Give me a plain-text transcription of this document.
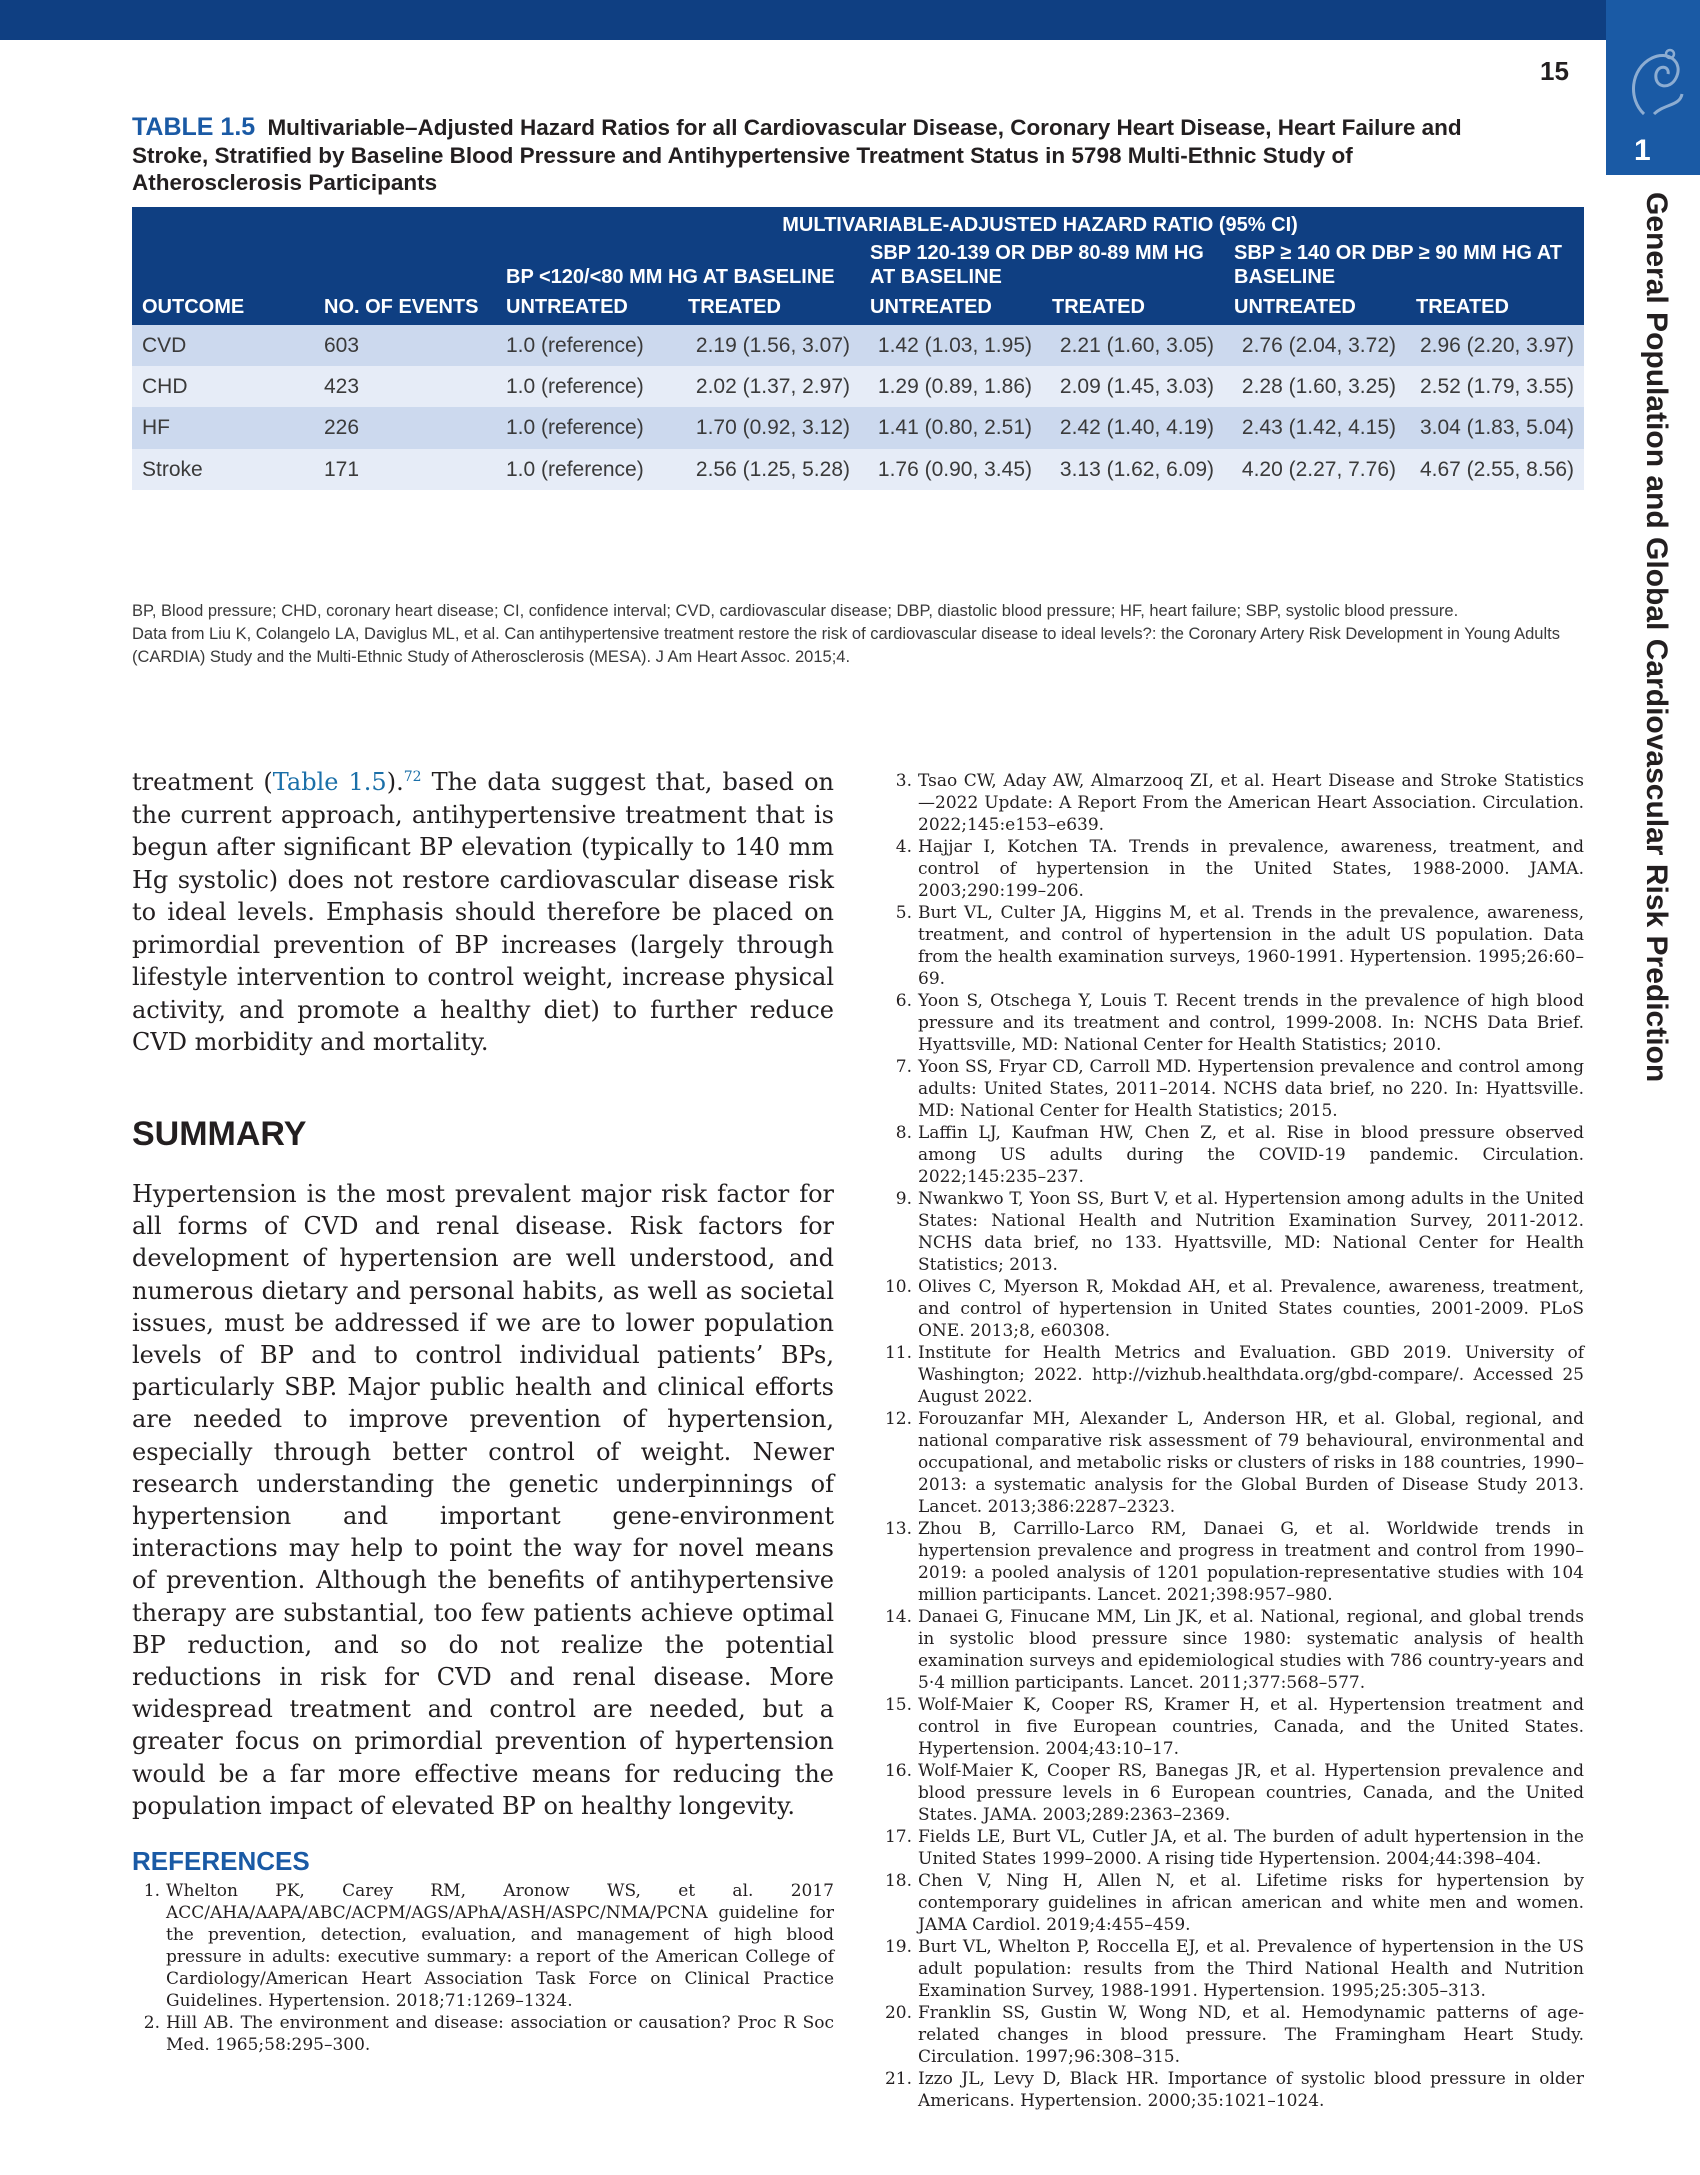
1
15
General Population and Global Cardiovascular Risk Prediction
TABLE 1.5 Multivariable–Adjusted Hazard Ratios for all Cardiovascular Disease, Coronary Heart Disease, Heart Failure and Stroke, Stratified by Baseline Blood Pressure and Antihypertensive Treatment Status in 5798 Multi-Ethnic Study of Atherosclerosis Participants
		MULTIVARIABLE-ADJUSTED HAZARD RATIO (95% CI)					
		BP <120/<80 MM HG AT BASELINE		SBP 120-139 OR DBP 80-89 MM HG AT BASELINE		SBP ≥ 140 OR DBP ≥ 90 MM HG AT BASELINE	
OUTCOME	NO. OF EVENTS	UNTREATED	TREATED	UNTREATED	TREATED	UNTREATED	TREATED
CVD	603	1.0 (reference)	2.19 (1.56, 3.07)	1.42 (1.03, 1.95)	2.21 (1.60, 3.05)	2.76 (2.04, 3.72)	2.96 (2.20, 3.97)
CHD	423	1.0 (reference)	2.02 (1.37, 2.97)	1.29 (0.89, 1.86)	2.09 (1.45, 3.03)	2.28 (1.60, 3.25)	2.52 (1.79, 3.55)
HF	226	1.0 (reference)	1.70 (0.92, 3.12)	1.41 (0.80, 2.51)	2.42 (1.40, 4.19)	2.43 (1.42, 4.15)	3.04 (1.83, 5.04)
Stroke	171	1.0 (reference)	2.56 (1.25, 5.28)	1.76 (0.90, 3.45)	3.13 (1.62, 6.09)	4.20 (2.27, 7.76)	4.67 (2.55, 8.56)

BP, Blood pressure; CHD, coronary heart disease; CI, confidence interval; CVD, cardiovascular disease; DBP, diastolic blood pressure; HF, heart failure; SBP, systolic blood pressure.

Data from Liu K, Colangelo LA, Daviglus ML, et al. Can antihypertensive treatment restore the risk of cardiovascular disease to ideal levels?: the Coronary Artery Risk Development in Young Adults (CARDIA) Study and the Multi-Ethnic Study of Atherosclerosis (MESA). J Am Heart Assoc. 2015;4.

treatment (Table 1.5).$^{72}$ The data suggest that, based on the current approach, antihypertensive treatment that is begun after significant BP elevation (typically to 140 mm Hg systolic) does not restore cardiovascular disease risk to ideal levels. Emphasis should therefore be placed on primordial prevention of BP increases (largely through lifestyle intervention to control weight, increase physical activity, and promote a healthy diet) to further reduce CVD morbidity and mortality.

SUMMARY

Hypertension is the most prevalent major risk factor for all forms of CVD and renal disease. Risk factors for development of hypertension are well understood, and numerous dietary and personal habits, as well as societal issues, must be addressed if we are to lower population levels of BP and to control individual patients’ BPs, particularly SBP. Major public health and clinical efforts are needed to improve prevention of hypertension, especially through better control of weight. Newer research understanding the genetic underpinnings of hypertension and important gene-environment interactions may help to point the way for novel means of prevention. Although the benefits of antihypertensive therapy are substantial, too few patients achieve optimal BP reduction, and so do not realize the potential reductions in risk for CVD and renal disease. More widespread treatment and control are needed, but a greater focus on primordial prevention of hypertension would be a far more effective means for reducing the population impact of elevated BP on healthy longevity.

REFERENCES
1. Whelton PK, Carey RM, Aronow WS, et al. 2017 ACC/AHA/AAPA/ABC/ACPM/AGS/APhA/ASH/ASPC/NMA/PCNA guideline for the prevention, detection, evaluation, and management of high blood pressure in adults: executive summary: a report of the American College of Cardiology/American Heart Association Task Force on Clinical Practice Guidelines. Hypertension. 2018;71:1269–1324.
2. Hill AB. The environment and disease: association or causation? Proc R Soc Med. 1965;58:295–300.
3. Tsao CW, Aday AW, Almarzooq ZI, et al. Heart Disease and Stroke Statistics—2022 Update: A Report From the American Heart Association. Circulation. 2022;145:e153–e639.
4. Hajjar I, Kotchen TA. Trends in prevalence, awareness, treatment, and control of hypertension in the United States, 1988-2000. JAMA. 2003;290:199–206.
5. Burt VL, Culter JA, Higgins M, et al. Trends in the prevalence, awareness, treatment, and control of hypertension in the adult US population. Data from the health examination surveys, 1960-1991. Hypertension. 1995;26:60–69.
6. Yoon S, Otschega Y, Louis T. Recent trends in the prevalence of high blood pressure and its treatment and control, 1999-2008. In: NCHS Data Brief. Hyattsville, MD: National Center for Health Statistics; 2010.
7. Yoon SS, Fryar CD, Carroll MD. Hypertension prevalence and control among adults: United States, 2011–2014. NCHS data brief, no 220. In: Hyattsville. MD: National Center for Health Statistics; 2015.
8. Laffin LJ, Kaufman HW, Chen Z, et al. Rise in blood pressure observed among US adults during the COVID-19 pandemic. Circulation. 2022;145:235–237.
9. Nwankwo T, Yoon SS, Burt V, et al. Hypertension among adults in the United States: National Health and Nutrition Examination Survey, 2011-2012. NCHS data brief, no 133. Hyattsville, MD: National Center for Health Statistics; 2013.
10. Olives C, Myerson R, Mokdad AH, et al. Prevalence, awareness, treatment, and control of hypertension in United States counties, 2001-2009. PLoS ONE. 2013;8, e60308.
11. Institute for Health Metrics and Evaluation. GBD 2019. University of Washington; 2022. http://vizhub.healthdata.org/gbd-compare/. Accessed 25 August 2022.
12. Forouzanfar MH, Alexander L, Anderson HR, et al. Global, regional, and national comparative risk assessment of 79 behavioural, environmental and occupational, and metabolic risks or clusters of risks in 188 countries, 1990–2013: a systematic analysis for the Global Burden of Disease Study 2013. Lancet. 2013;386:2287–2323.
13. Zhou B, Carrillo-Larco RM, Danaei G, et al. Worldwide trends in hypertension prevalence and progress in treatment and control from 1990–2019: a pooled analysis of 1201 population-representative studies with 104 million participants. Lancet. 2021;398:957–980.
14. Danaei G, Finucane MM, Lin JK, et al. National, regional, and global trends in systolic blood pressure since 1980: systematic analysis of health examination surveys and epidemiological studies with 786 country-years and 5·4 million participants. Lancet. 2011;377:568–577.
15. Wolf-Maier K, Cooper RS, Kramer H, et al. Hypertension treatment and control in five European countries, Canada, and the United States. Hypertension. 2004;43:10–17.
16. Wolf-Maier K, Cooper RS, Banegas JR, et al. Hypertension prevalence and blood pressure levels in 6 European countries, Canada, and the United States. JAMA. 2003;289:2363–2369.
17. Fields LE, Burt VL, Cutler JA, et al. The burden of adult hypertension in the United States 1999–2000. A rising tide Hypertension. 2004;44:398–404.
18. Chen V, Ning H, Allen N, et al. Lifetime risks for hypertension by contemporary guidelines in african american and white men and women. JAMA Cardiol. 2019;4:455–459.
19. Burt VL, Whelton P, Roccella EJ, et al. Prevalence of hypertension in the US adult population: results from the Third National Health and Nutrition Examination Survey, 1988-1991. Hypertension. 1995;25:305–313.
20. Franklin SS, Gustin W, Wong ND, et al. Hemodynamic patterns of age-related changes in blood pressure. The Framingham Heart Study. Circulation. 1997;96:308–315.
21. Izzo JL, Levy D, Black HR. Importance of systolic blood pressure in older Americans. Hypertension. 2000;35:1021–1024.
